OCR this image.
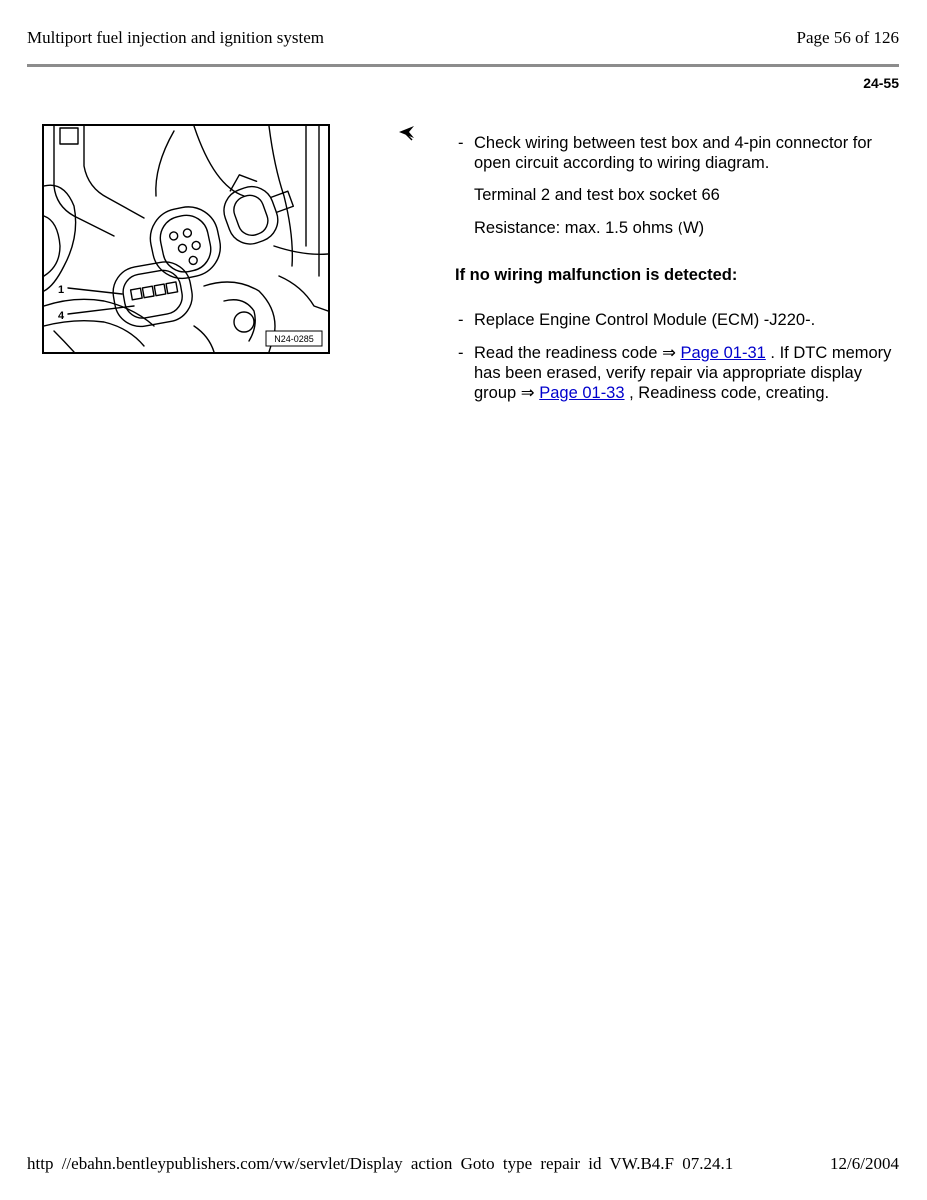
Multiport fuel injection and ignition system	Page 56 of 126
24-55
1
4
N24-0285
- Check wiring between test box and 4-pin connector for open circuit according to wiring diagram.
Terminal 2 and test box socket 66
Resistance: max. 1.5 ohms (W)
If no wiring malfunction is detected:
- Replace Engine Control Module (ECM) -J220-.
- Read the readiness code ⇒ Page 01-31 . If DTC memory has been erased, verify repair via appropriate display group ⇒ Page 01-33 , Readiness code, creating.
http //ebahn.bentleypublishers.com/vw/servlet/Display action Goto type repair id VW.B4.F 07.24.1	12/6/2004
